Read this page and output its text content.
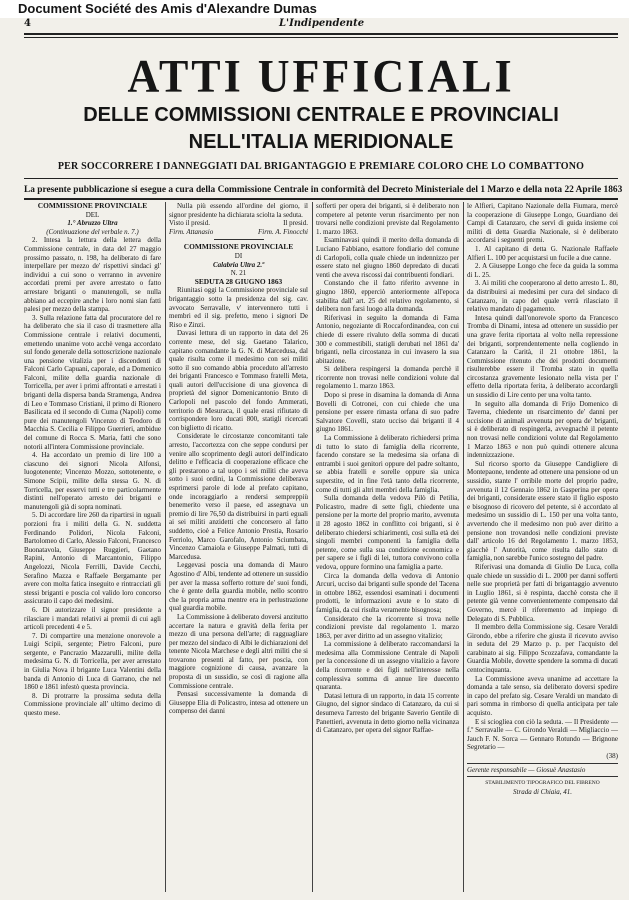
Document Société des Amis d'Alexandre Dumas
4	L'Indipendente
ATTI UFFICIALI
DELLE COMMISSIONI CENTRALE E PROVINCIALI
NELL'ITALIA MERIDIONALE
PER SOCCORRERE I DANNEGGIATI DAL BRIGANTAGGIO E PREMIARE COLORO CHE LO COMBATTONO
La presente pubblicazione si esegue a cura della Commissione Centrale in conformità del Decreto Ministeriale del 1 Marzo e della nota 22 Aprile 1863

COMMISSIONE PROVINCIALE

DEL

1.° Abruzzo Ultra

(Continuazione del verbale n. 7.)

2. Intesa la lettura della lettera della Commissione centrale, in data del 27 maggio prossimo passato, n. 198, ha deliberato di fare interpellare per mezzo de' rispettivi sindaci gl' individui a cui sono o verranno in avvenire accordati premi per avere arrestato o fatto arrestare briganti o manutengoli, se nulla abbiano ad eccepire anche i loro nomi sian fatti palesi per mezzo della stampa.

3. Sulla relazione fatta dal procuratore del re ha deliberato che sia il caso di trasmettere alla Commissione centrale i relativi documenti, emettendo unanime voto acchè venga accordato sul fondo generale della sottoscrizione nazionale una pensione vitalizia per i discendenti di Falconi Carlo Capuani, caporale, ed a Domenico Falconi, milite della guardia nazionale di Torricella, per aver i primi affrontati e arrestati i briganti della dispersa banda Stramenga, Andrea di Leo e Tommaso Cristiani, il primo di Rionero Basilicata ed il secondo di Cuma (Napoli) come pure dei manutengoli Vincenzo di Teodoro di Macchia S. Cecilia e Filippo Guerrieri, ambidue del comune di Rocca S. Maria, fatti che sono notorii all'intera Commissione provinciale.

4. Ha accordato un premio di lire 100 a ciascuno dei signori Nicola Alfonsi, luogotenente; Vincenzo Mozzo, sottotenente, e Simone Scipii, milite della stessa G. N. di Torricella, per esservi tutti e tre particolarmente distinti nell'operato arresto dei briganti e manutengoli già di sopra nominati.

5. Di accordare lire 260 da ripartirsi in uguali porzioni fra i militi della G. N. suddetta Ferdinando Polidori, Nicola Falconi, Bartolomeo di Carlo, Alessio Falconi, Francesco Buonatavola, Giuseppe Ruggieri, Gaetano Rapini, Antonio di Marcantonio, Filippo Angelozzi, Nicola Ferrilli, Davide Cecchi, Serafino Mazza e Raffaele Bergamante per avere con molta fatica inseguito e rintracciati gli stessi briganti e poscia col valido loro concorso assicurato il capo dei medesimi.

6. Di autorizzare il signor presidente a rilasciare i mandati relativi ai premii di cui agli articoli precedenti 4 e 5.

7. Di compartire una menzione onorevole a Luigi Scipii, sergente; Pietro Falconi, pure sergente, e Pancrazio Mazzarulli, milite della medesima G. N. di Torricella, per aver arrestato in Giulia Nova il brigante Luca Valentini della banda di Antonio di Luca di Garrano, che nel 1860 e 1861 infestò questa provincia.

8. Di protrarre la prossima seduta della Commissione provinciale all' ultimo decimo di questo mese.

Nulla più essendo all'ordine del giorno, il signor presidente ha dichiarata sciolta la seduta.

Visto il presid.	Il presid.
Firm. Attanasio	Firm. A. Finocchi

COMMISSIONE PROVINCIALE

DI

Calabria Ultra 2.ª

N. 21

SEDUTA 28 GIUGNO 1863

Riunitasi oggi la Commissione provinciale sul brigantaggio sotto la presidenza del sig. cav. avvocato Serravalle, v' intervennero tutti i membri ed il sig. prefetto, meno i signori De Riso e Zinzi.

Davasi lettura di un rapporto in data del 26 corrente mese, del sig. Gaetano Talarico, capitano comandante la G. N. di Marcedusa, dal quale risulta come il medesimo con sei militi sotto il suo comando abbia proceduto all'arresto dei briganti Francesco e Tommaso fratelli Meta, quali autori dell'uccisione di una giovenca di proprietà del signor Domenicantonio Bruto di Carlopoli nel pascolo del fondo Ammerati, territorio di Mesuraca, il quale erasi rifiutato di corrispondere loro ducati 800, statigli ricercati con biglietto di ricatto.

Considerate le circostanze concomitanti tale arresto, l'accortezza con che seppe condursi per venire allo scoprimento degli autori dell'indicato delitto e l'efficacia di cooperazione efficace che gli prestarono a tal uopo i sei militi che aveva sotto i suoi ordini, la Commissione deliberava esprimersi parole di lode al prefato capitano, onde incoraggiarlo a rendersi sempreppiù benemerito verso il paese, ed assegnava un premio di lire 76,50 da distribuirsi in parti eguali ai sei militi anzidetti che concorsero al fatto suddetto, cioè a Felice Antonio Prestia, Rosario Ferriolo, Marco Garofalo, Antonio Sciumbata, Vincenzo Camaiola e Giuseppe Palmati, tutti di Marcedusa.

Leggevasi poscia una domanda di Mauro Agostino d' Albi, tendente ad ottenere un sussidio per aver la massa sofferto rotture de' suoi fondi, che è gente della guardia mobile, nello scontro che la propria arma mentre era in perlustrazione qual guardia mobile.

La Commissione à deliberato doversi anzitutto accertare la natura e gravità della ferita per mezzo di una persona dell'arte; di ragguagliare per mezzo del sindaco di Albi le dichiarazioni del tenente Nicola Marchese e degli altri militi che si trovarono presenti al fatto, per poscia, con maggiore cognizione di causa, avanzare la proposta di un sussidio, se così di ragione alla Commissione centrale.

Pensasi successivamente la domanda di Giuseppe Elia di Policastro, intesa ad ottenere un compenso dei danni

sofferti per opera dei briganti, si è deliberato non competere al petente verun risarcimento per non trovarsi nelle condizioni previste dal Regolamento 1. marzo 1863.

Esaminavasi quindi il merito della domanda di Luciano Fabbiano, esattore fondiario del comune di Carlopoli, colla quale chiede un indennizzo per essere stato nel giugno 1860 depredato di ducati venti che aveva riscossi dai contribuenti fondiari.

Constando che il fatto riferito avvenne in giugno 1860, epperciò anteriormente all'epoca stabilita dall' art. 25 del relativo regolamento, si delibera non farsi luogo alla domanda.

Riferivasi in seguito la domanda di Fama Antonio, negoziante di Roccafordinandea, con cui chiede di essere rivaluto della somma di ducati 300 e commestibili, statigli derubati nel 1861 da' briganti, nella circostanza in cui invasero la sua abitazione.

Si delibera respingersi la domanda perchè il ricorrente non trovasi nelle condizioni volute dal regolamento 1. marzo 1863.

Dopo si prese in disamina la domanda di Anna Bovelli di Cotronei, con cui chiede che una pensione per essere rimasta orfana di suo padre Salvatore Covelli, stato ucciso dai briganti il 4 giugno 1861.

La Commissione à deliberato richiedersi prima di tutto lo stato di famiglia della ricorrente, facendo constare se la medesima sia orfana di entrambi i suoi genitori oppure del padre soltanto, se abbia fratelli e sorelle oppure sia unica superstite, ed in fine l'età tanto della ricorrente, come di tutti gli altri membri della famiglia.

Sulla domanda della vedova Pilò di Petilia, Policastro, madre di sette figli, chiedente una pensione per la morte del proprio marito, avvenuta il 28 agosto 1862 in conflitto coi briganti, si è deliberato chiedersi schiarimenti, cosi sulla età dei singoli membri componenti la famiglia della petente, come sulla sua condizione economica e per sapere se i figli di lei, tuttora convivono colla vedova, oppure formino una famiglia a parte.

Circa la domanda della vedova di Antonio Arcuri, ucciso dai briganti sulle sponde del Tacena in ottobre 1862, essendosi esaminati i documenti prodotti, le informazioni avute e lo stato di famiglia, da cui risulta veramente bisognosa;

Considerato che la ricorrente si trova nelle condizioni previste dal regolamento 1. marzo 1863, per aver diritto ad un assegno vitalizio;

La commissione à deliberato raccomandarsi la medesima alla Commissione Centrale di Napoli per la concessione di un assegno vitalizio a favore della ricorrente e dei figli nell'interesse nella complessiva somma di annue lire duecento quaranta.

Datasi lettura di un rapporto, in data 15 corrente Giugno, del signor sindaco di Catanzaro, da cui si desumeva l'arresto del brigante Saverio Gentile di Panettieri, avvenuta in detto giorno nella vicinanza di Catanzaro, per opera del signor Raffae-

le Alfieri, Capitano Nazionale della Fiumara, mercè la cooperazione di Giuseppe Longo, Guardiano dei Campi di Catanzaro, che servì di guida insieme coi militi di detta Guardia Nazionale, si è deliberato accordarsi i seguenti premi.

1. Al capitano di detta G. Nazionale Raffaele Alfieri L. 100 per acquistarsi un fucile a due canne.

2. A Giuseppe Longo che fece da guida la somma di L. 25.

3. Ai militi che cooperarono al detto arresto L. 80, da distribuirsi ai medesimi per cura del sindaco di Catanzaro, in capo del quale verrà rilasciato il relativo mandato di pagamento.

Intesa quindi dall'onorevole sporto da Francesco Tromba di Dinami, intesa ad ottenere un sussidio per una grave ferita riportata al volto nella repressione dei briganti, sorprendentemente nella cogliendo in Catanzaro la Carità, il 21 ottobre 1861, la Commissione ritenuto che dei prodotti documenti risulterebbe essere il Tromba stato in quella circostanza gravemente lesionato nella vista per l' effetto della riportata ferita, à deliberato accordargli un sussidio di Lire cento per una volta tanto.

In seguito alla domanda di Frijo Domenico di Taverna, chiedente un risarcimento de' danni per uccisione di animali avvenuta per opera de' briganti, si è deliberato di respingerla, avvegnachè il petente non trovasi nelle condizioni volute dal Regolamento 1 Marzo 1863 e non può quindi ottenere alcuna indennizzazione.

Sul ricorso sporto da Giuseppe Candigliere di Montepaone, tendente ad ottenere una pensione od un sussidio, stante l' orribile morte del proprio padre, avvenuta il 12 Gennaio 1862 in Gasperina per opera dei briganti, considerate essere stato il figlio esposto e bisognoso di ricovero del petente, si è accordato al medesimo un sussidio di L. 150 per una volta tanto, avvertendo che il medesimo non può aver diritto a pensione non trovandosi nelle condizioni previste dall' articolo 16 del Regolamento 1. marzo 1853, giacchè l' Autorità, come risulta dallo stato di famiglia, non sarebbe l'unico sostegno del padre.

Riferivasi una domanda di Giulio De Luca, colla quale chiede un sussidio di L. 2000 per danni sofferti nelle sue proprietà per fatti di brigantaggio avvenuto in Luglio 1861, si è respinta, dacchè consta che il petente già venne convenientemente compensato dal Governo, mercè il riferemento ad impiego di Delegato di S. Pubblica.

Il membro della Commissione sig. Cesare Veraldi Girondo, ebbe a riferire che giusta il ricevuto avviso in seduta del 29 Marzo p. p. per l'acquisto del carabinato ai sig. Filippo Scozzafava, comandante la Guardia Mobile, dovette spendere la somma di ducati centocinquanta.

La Commissione aveva unanime ad accettare la domanda a tale senso, sia deliberato doversi spedire in capo del prefato sig. Cesare Veraldi un mandato di pari somma in rimborso di quella anticipata per tale acquisto.

E si sciogliea con ciò la seduta. — Il Presidente — f.º Serravalle — C. Girondo Veraldi — Migliaccio — Jauch F. N. Sorca — Gennaro Rotundo — Brignone Segretario —

(38)

Gerente responsabile — Giosuè Anastasio

STABILIMENTO TIPOGRAFICO DEL FIBRENO

Strada di Chiaia, 41.
